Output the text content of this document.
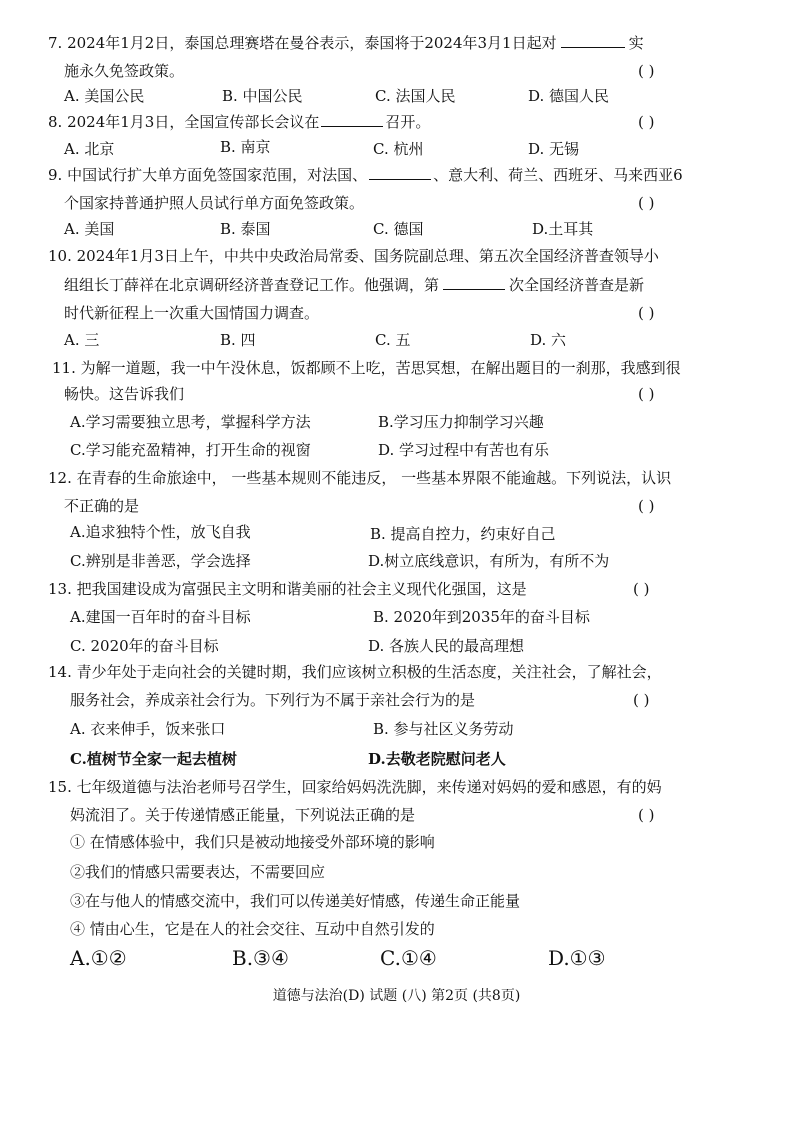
7. 2024年1月2日，泰国总理赛塔在曼谷表示，泰国将于2024年3月1日起对	实
施永久免签政策。	( )
A. 美国公民	B. 中国公民	C. 法国人民	D. 德国人民
8. 2024年1月3日，全国宣传部长会议在	召开。	( )
A. 北京	B. 南京	C. 杭州	D. 无锡
9. 中国试行扩大单方面免签国家范围，对法国、	、意大利、荷兰、西班牙、马来西亚6
个国家持普通护照人员试行单方面免签政策。	( )
A. 美国	B. 泰国	C. 德国	D.土耳其
10. 2024年1月3日上午，中共中央政治局常委、国务院副总理、第五次全国经济普查领导小
组组长丁薛祥在北京调研经济普查登记工作。他强调，第	次全国经济普查是新
时代新征程上一次重大国情国力调查。	( )
A. 三	B. 四	C. 五	D. 六
11. 为解一道题，我一中午没休息，饭都顾不上吃，苦思冥想，在解出题目的一刹那，我感到很
畅快。这告诉我们	( )
A.学习需要独立思考，掌握科学方法	B.学习压力抑制学习兴趣
C.学习能充盈精神，打开生命的视窗	D. 学习过程中有苦也有乐
12. 在青春的生命旅途中， 一些基本规则不能违反， 一些基本界限不能逾越。下列说法，认识
不正确的是	( )
A.追求独特个性，放飞自我	B. 提高自控力，约束好自己
C.辨别是非善恶，学会选择	D.树立底线意识，有所为，有所不为
13. 把我国建设成为富强民主文明和谐美丽的社会主义现代化强国，这是	( )
A.建国一百年时的奋斗目标	B. 2020年到2035年的奋斗目标
C. 2020年的奋斗目标	D. 各族人民的最高理想
14. 青少年处于走向社会的关键时期，我们应该树立积极的生活态度，关注社会，了解社会，
服务社会，养成亲社会行为。下列行为不属于亲社会行为的是	( )
A. 衣来伸手，饭来张口	B. 参与社区义务劳动
C.植树节全家一起去植树	D.去敬老院慰问老人
15. 七年级道德与法治老师号召学生，回家给妈妈洗洗脚，来传递对妈妈的爱和感恩，有的妈
妈流泪了。关于传递情感正能量，下列说法正确的是	( )
① 在情感体验中，我们只是被动地接受外部环境的影响
②我们的情感只需要表达，不需要回应
③在与他人的情感交流中，我们可以传递美好情感，传递生命正能量
④ 情由心生，它是在人的社会交往、互动中自然引发的
A.①②	B.③④	C.①④	D.①③
道德与法治(D) 试题 (八) 第2页 (共8页)
